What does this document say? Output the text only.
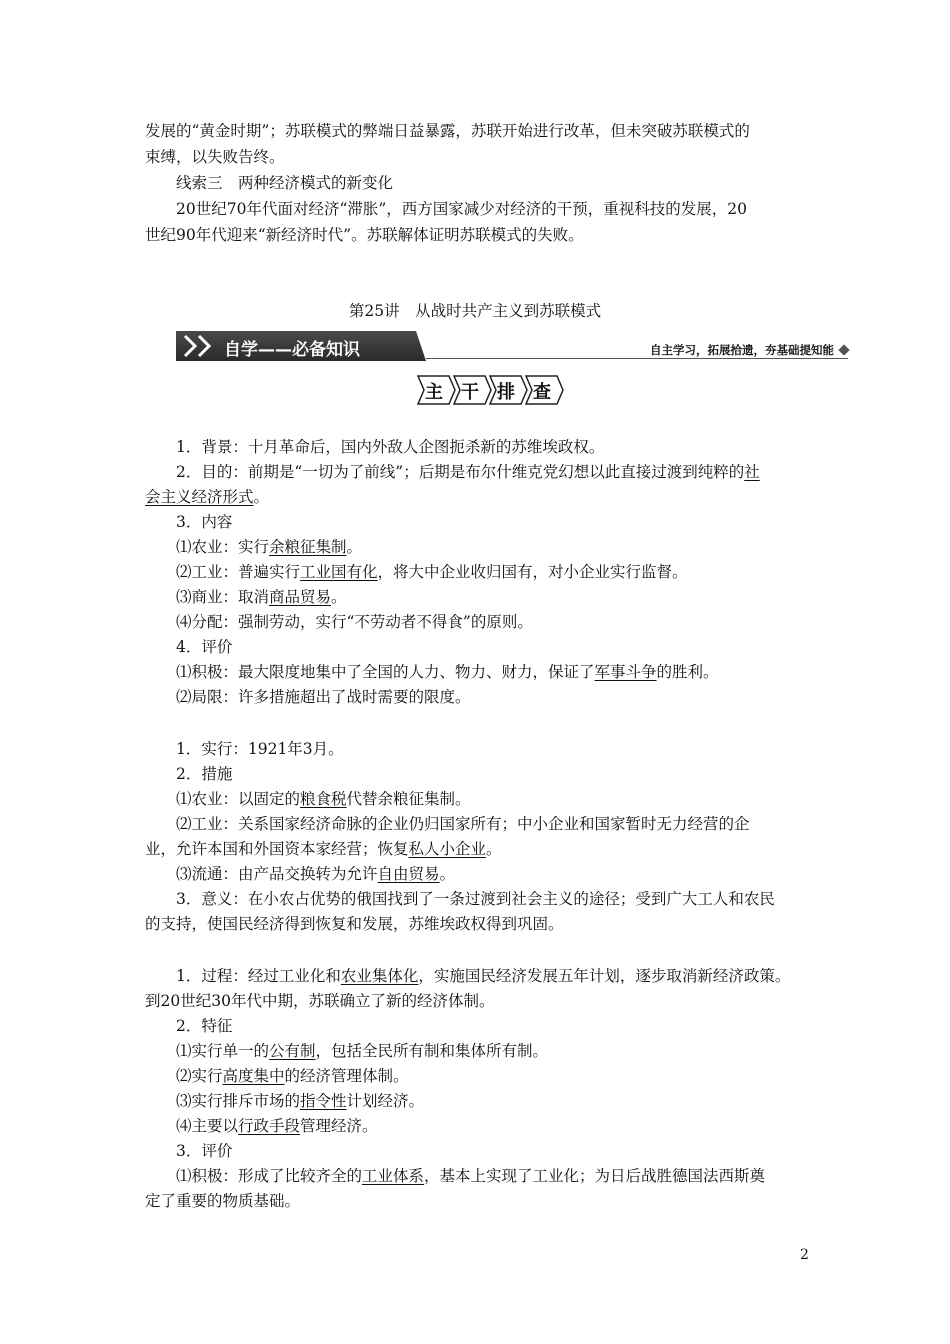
发展的“黄金时期”；苏联模式的弊端日益暴露，苏联开始进行改革，但未突破苏联模式的
束缚，以失败告终。
线索三　两种经济模式的新变化
20世纪70年代面对经济“滞胀”，西方国家减少对经济的干预，重视科技的发展，20
世纪90年代迎来“新经济时代”。苏联解体证明苏联模式的失败。
第25讲　从战时共产主义到苏联模式
自学——必备知识	自主学习，拓展拾遗，夯基础提知能
主	干	排	查
1．背景：十月革命后，国内外敌人企图扼杀新的苏维埃政权。
2．目的：前期是“一切为了前线”；后期是布尔什维克党幻想以此直接过渡到纯粹的社
会主义经济形式。
3．内容
⑴农业：实行余粮征集制。
⑵工业：普遍实行工业国有化，将大中企业收归国有，对小企业实行监督。
⑶商业：取消商品贸易。
⑷分配：强制劳动，实行“不劳动者不得食”的原则。
4．评价
⑴积极：最大限度地集中了全国的人力、物力、财力，保证了军事斗争的胜利。
⑵局限：许多措施超出了战时需要的限度。
1．实行：1921年3月。
2．措施
⑴农业：以固定的粮食税代替余粮征集制。
⑵工业：关系国家经济命脉的企业仍归国家所有；中小企业和国家暂时无力经营的企
业，允许本国和外国资本家经营；恢复私人小企业。
⑶流通：由产品交换转为允许自由贸易。
3．意义：在小农占优势的俄国找到了一条过渡到社会主义的途径；受到广大工人和农民
的支持，使国民经济得到恢复和发展，苏维埃政权得到巩固。
1．过程：经过工业化和农业集体化，实施国民经济发展五年计划，逐步取消新经济政策。
到20世纪30年代中期，苏联确立了新的经济体制。
2．特征
⑴实行单一的公有制，包括全民所有制和集体所有制。
⑵实行高度集中的经济管理体制。
⑶实行排斥市场的指令性计划经济。
⑷主要以行政手段管理经济。
3．评价
⑴积极：形成了比较齐全的工业体系，基本上实现了工业化；为日后战胜德国法西斯奠
定了重要的物质基础。
2
